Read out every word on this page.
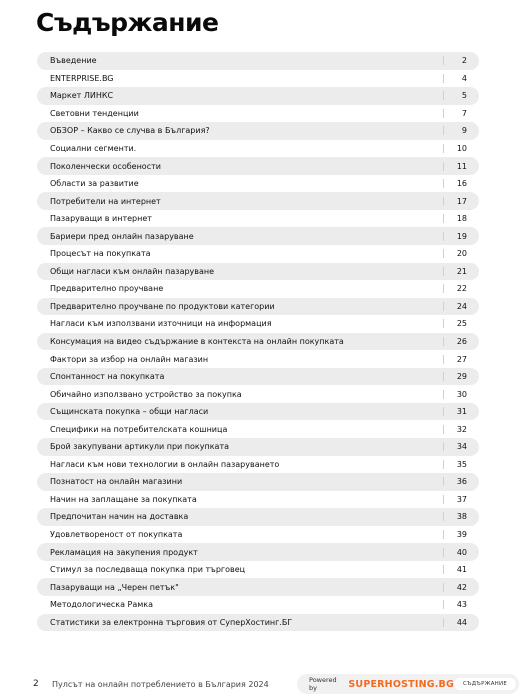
Съдържание
Въведение	2
ENTERPRISE.BG	4
Маркет ЛИНКС	5
Световни тенденции	7
ОБЗОР – Какво се случва в България?	9
Социални сегменти.	10
Поколенчески особености	11
Области за развитие	16
Потребители на интернет	17
Пазаруващи в интернет	18
Бариери пред онлайн пазаруване	19
Процесът на покупката	20
Общи нагласи към онлайн пазаруване	21
Предварително проучване	22
Предварително проучване по продуктови категории	24
Нагласи към използвани източници на информация	25
Консумация на видео съдържание в контекста на онлайн покупката	26
Фактори за избор на онлайн магазин	27
Спонтанност на покупката	29
Обичайно използвано устройство за покупка	30
Същинската покупка – общи нагласи	31
Специфики на потребителската кошница	32
Брой закупувани артикули при покупката	34
Нагласи към нови технологии в онлайн пазаруването	35
Познатост на онлайн магазини	36
Начин на заплащане за покупката	37
Предпочитан начин на доставка	38
Удовлетвореност от покупката	39
Рекламация на закупения продукт	40
Стимул за последваща покупка при търговец	41
Пазаруващи на „Черен петък"	42
Методологическа Рамка	43
Статистики за електронна търговия от СуперХостинг.БГ	44
2 Пулсът на онлайн потреблението в България 2024	Powered by	SUPERHOSTING.BG	СЪДЪРЖАНИЕ
